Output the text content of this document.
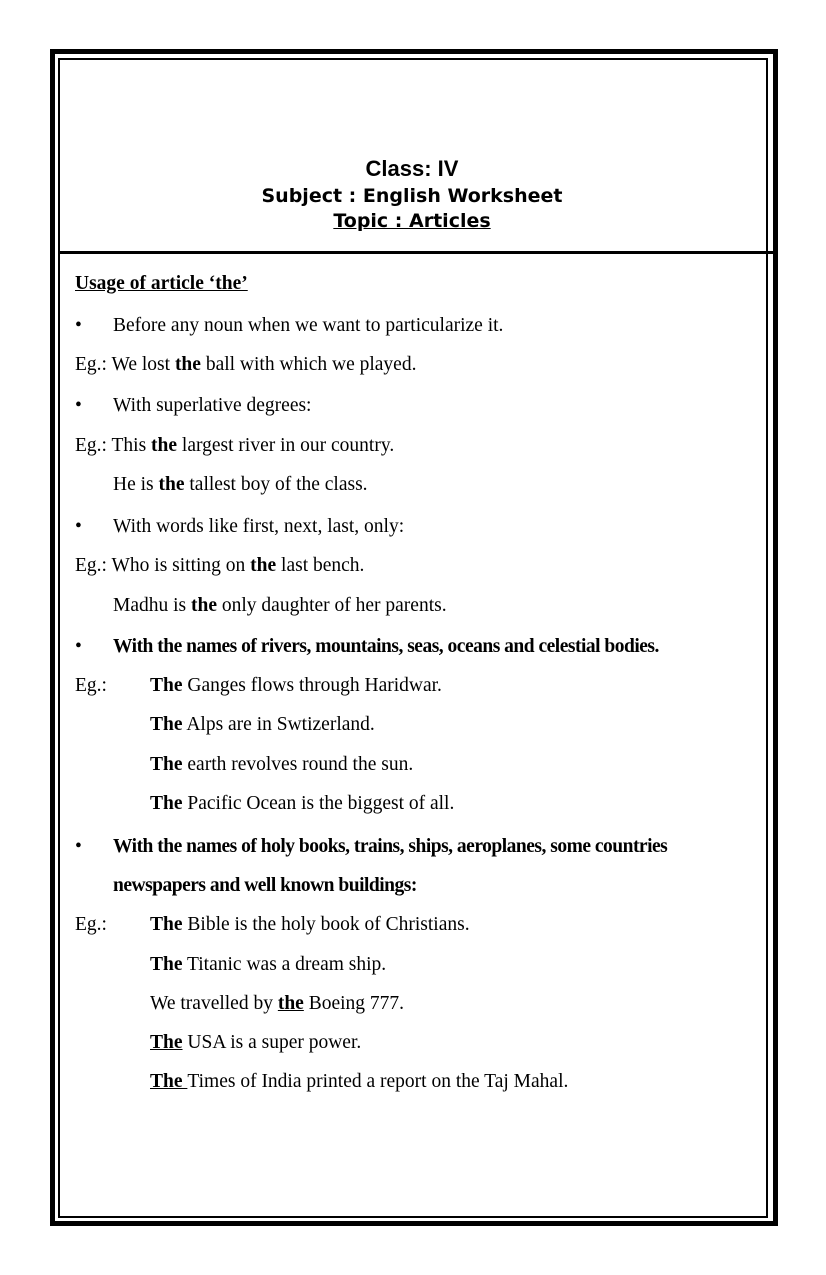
Class: IV
Subject : English Worksheet
Topic : Articles
Usage of article ‘the’
• Before any noun when we want to particularize it.
Eg.: We lost the ball with which we played.
• With superlative degrees:
Eg.: This the largest river in our country.
He is the tallest boy of the class.
• With words like first, next, last, only:
Eg.: Who is sitting on the last bench.
Madhu is the only daughter of her parents.
• With the names of rivers, mountains, seas, oceans and celestial bodies.
Eg.: The Ganges flows through Haridwar.
The Alps are in Swtizerland.
The earth revolves round the sun.
The Pacific Ocean is the biggest of all.
• With the names of holy books, trains, ships, aeroplanes, some countries
newspapers and well known buildings:
Eg.: The Bible is the holy book of Christians.
The Titanic was a dream ship.
We travelled by the Boeing 777.
The USA is a super power.
The Times of India printed a report on the Taj Mahal.
